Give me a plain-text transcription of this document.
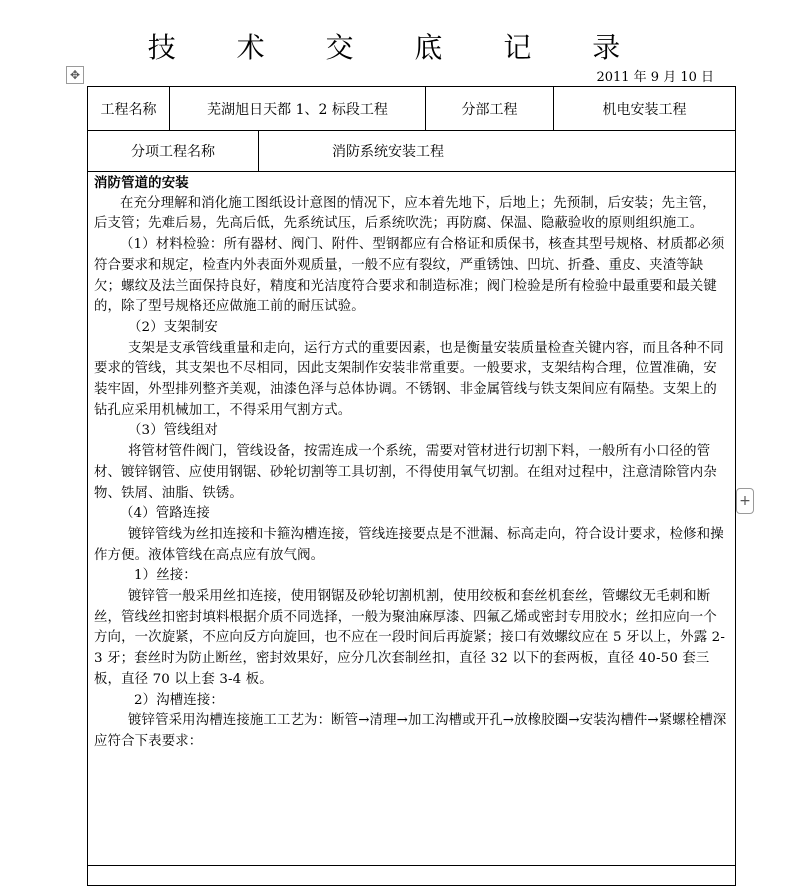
技 术 交 底 记 录
✥	2011 年 9 月 10 日
工程名称	芜湖旭日天都 1、2 标段工程	分部工程	机电安装工程
分项工程名称	消防系统安装工程

消防管道的安装

在充分理解和消化施工图纸设计意图的情况下，应本着先地下，后地上；先预制，后安装；先主管，后支管；先难后易，先高后低，先系统试压，后系统吹洗；再防腐、保温、隐蔽验收的原则组织施工。

（1）材料检验：所有器材、阀门、附件、型钢都应有合格证和质保书，核查其型号规格、材质都必须符合要求和规定，检查内外表面外观质量，一般不应有裂纹，严重锈蚀、凹坑、折叠、重皮、夹渣等缺欠；螺纹及法兰面保持良好，精度和光洁度符合要求和制造标准；阀门检验是所有检验中最重要和最关键的，除了型号规格还应做施工前的耐压试验。

（2）支架制安

支架是支承管线重量和走向，运行方式的重要因素，也是衡量安装质量检查关键内容，而且各种不同要求的管线，其支架也不尽相同，因此支架制作安装非常重要。一般要求，支架结构合理，位置准确，安装牢固，外型排列整齐美观，油漆色泽与总体协调。不锈钢、非金属管线与铁支架间应有隔垫。支架上的钻孔应采用机械加工，不得采用气割方式。

（3）管线组对

将管材管件阀门，管线设备，按需连成一个系统，需要对管材进行切割下料，一般所有小口径的管材、镀锌钢管、应使用钢锯、砂轮切割等工具切割，不得使用氧气切割。在组对过程中，注意清除管内杂物、铁屑、油脂、铁锈。

（4）管路连接

镀锌管线为丝扣连接和卡箍沟槽连接，管线连接要点是不泄漏、标高走向，符合设计要求，检修和操作方便。液体管线在高点应有放气阀。

1）丝接：

镀锌管一般采用丝扣连接，使用钢锯及砂轮切割机割，使用绞板和套丝机套丝，管螺纹无毛刺和断丝，管线丝扣密封填料根据介质不同选择，一般为聚油麻厚漆、四氟乙烯或密封专用胶水；丝扣应向一个方向，一次旋紧，不应向反方向旋回，也不应在一段时间后再旋紧；接口有效螺纹应在 5 牙以上，外露 2-3 牙；套丝时为防止断丝，密封效果好，应分几次套制丝扣，直径 32 以下的套两板，直径 40-50 套三板，直径 70 以上套 3-4 板。

2）沟槽连接：

镀锌管采用沟槽连接施工工艺为：断管→清理→加工沟槽或开孔→放橡胶圈→安装沟槽件→紧螺栓槽深应符合下表要求：

+
